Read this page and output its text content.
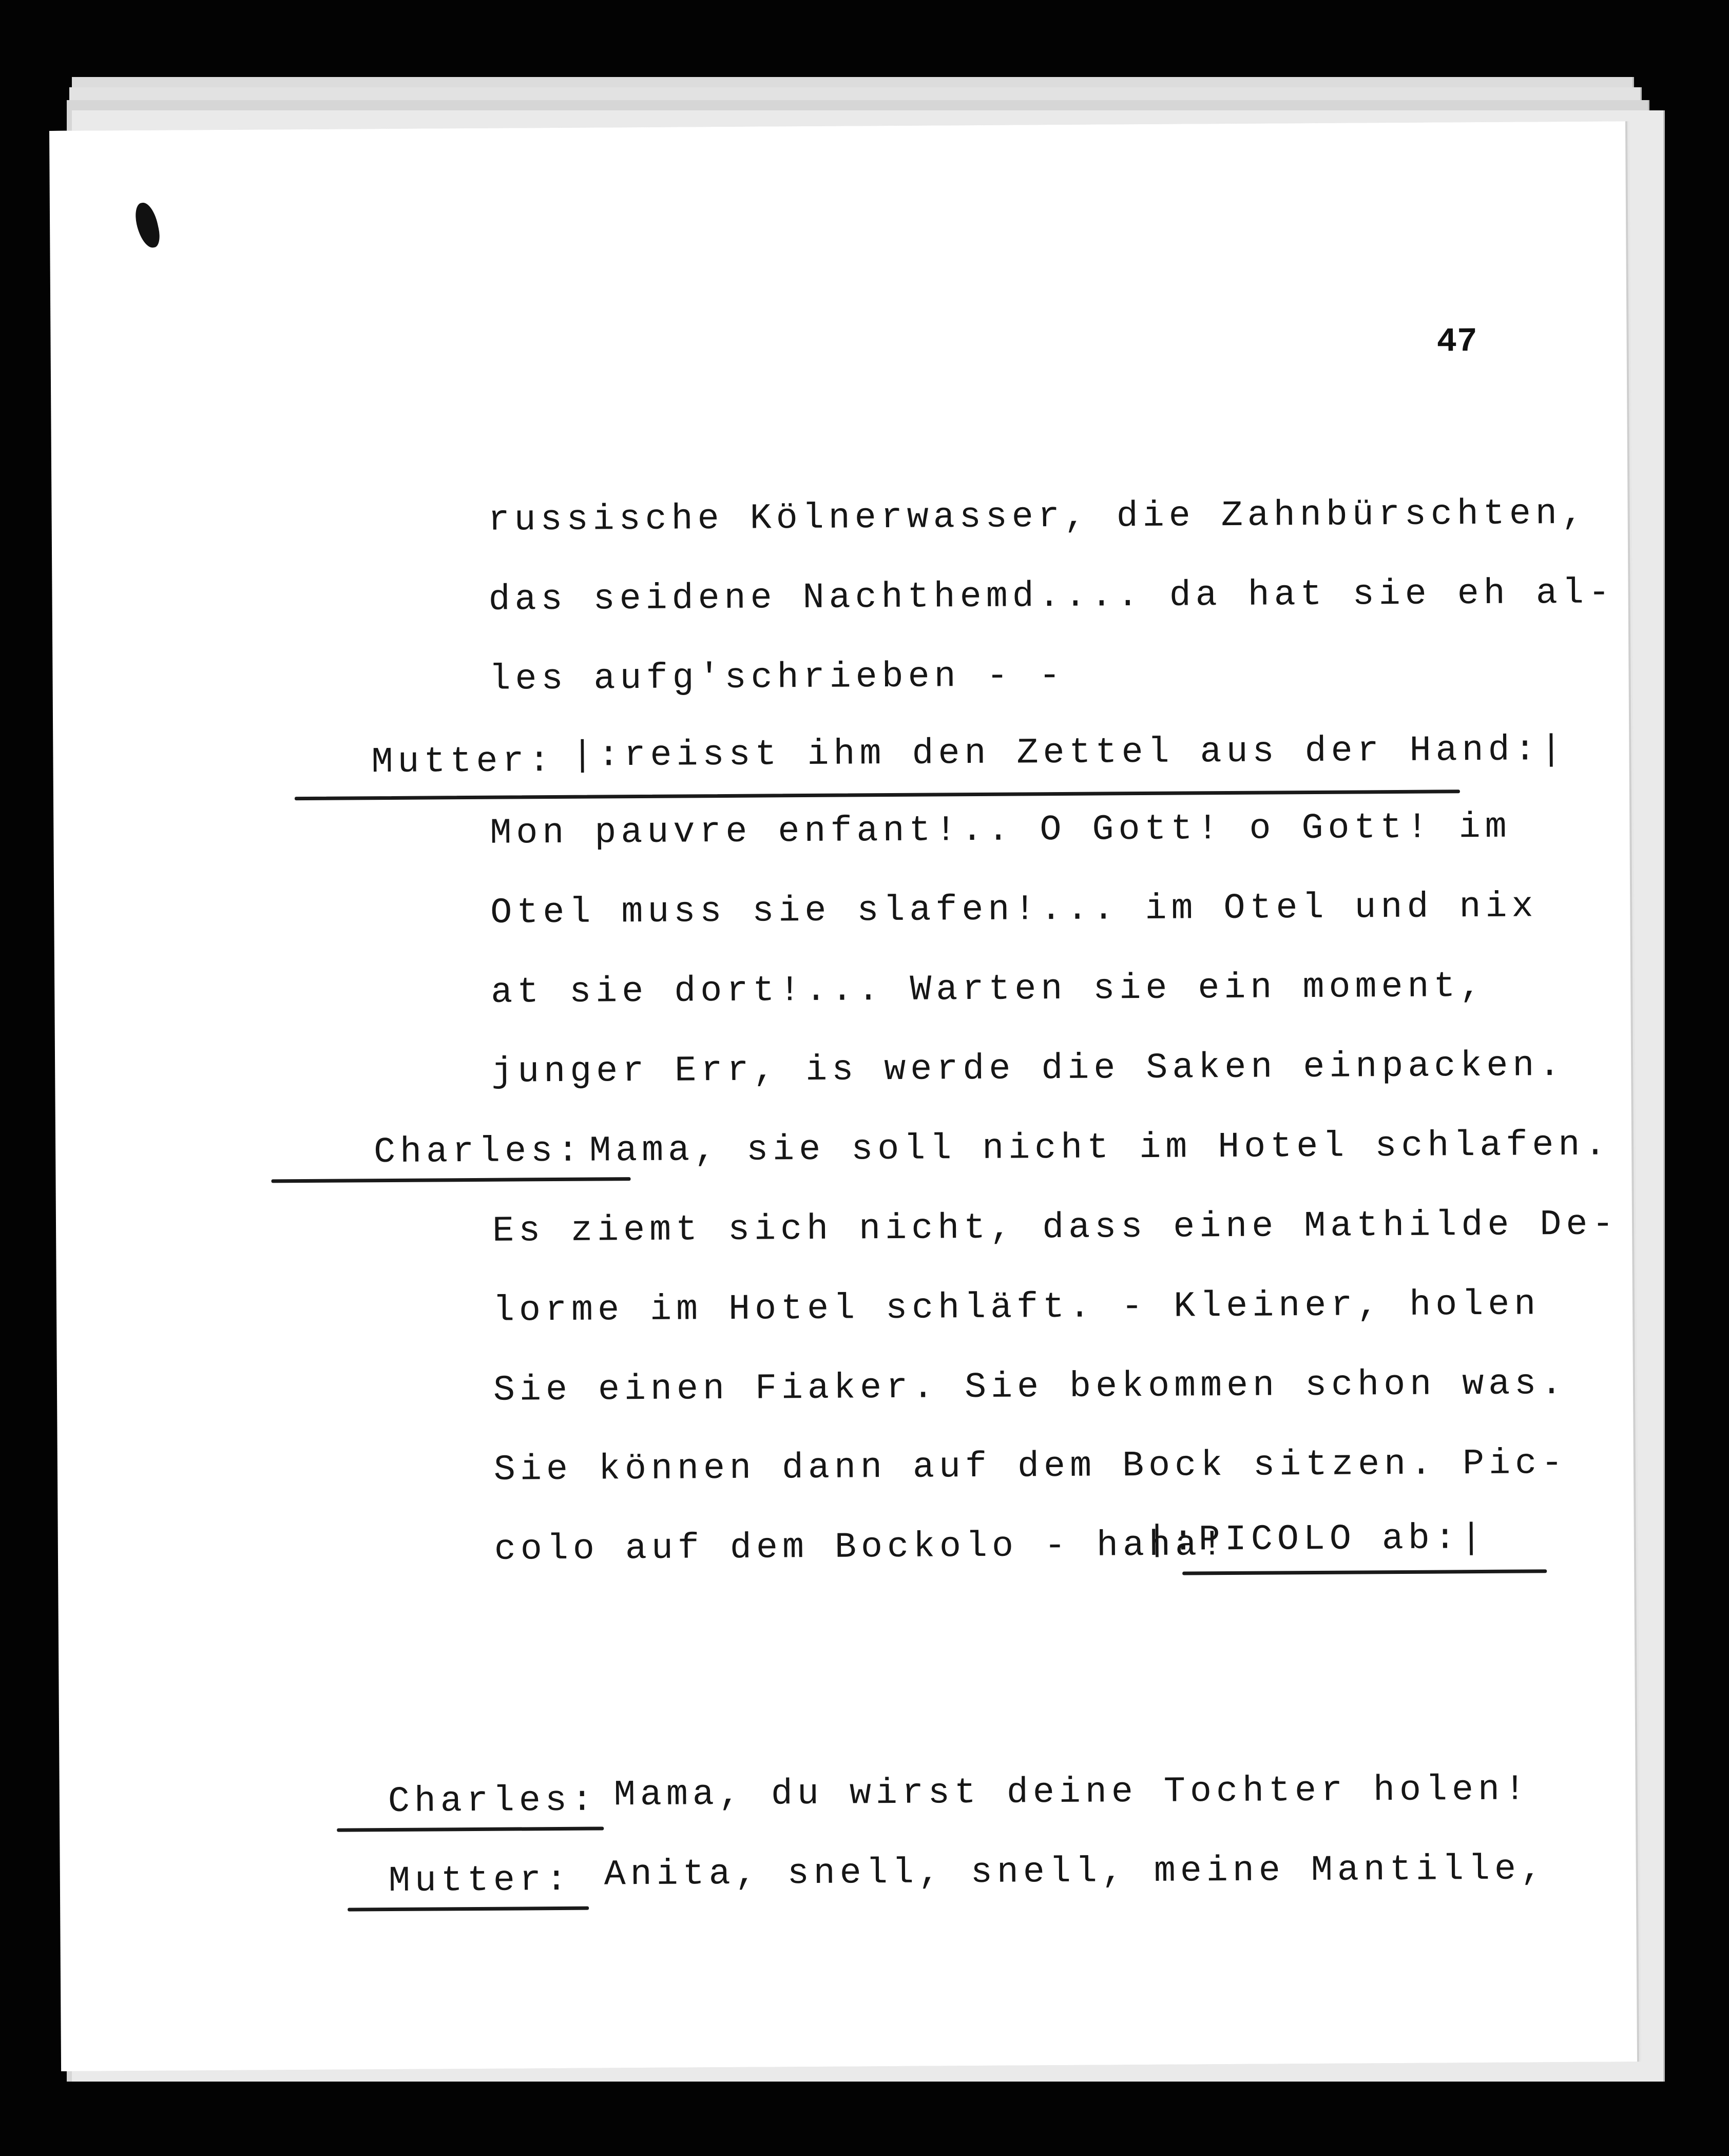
47
russische Kölnerwasser, die Zahnbürschten,
das seidene Nachthemd.... da hat sie eh al-
les aufg'schrieben - -
Mutter: |:reisst ihm den Zettel aus der Hand:|
Mon pauvre enfant!.. O Gott! o Gott! im
Otel muss sie slafen!... im Otel und nix
at sie dort!... Warten sie ein moment,
junger Err, is werde die Saken einpacken.
Charles: Mama, sie soll nicht im Hotel schlafen.
Es ziemt sich nicht, dass eine Mathilde De-
lorme im Hotel schläft. - Kleiner, holen
Sie einen Fiaker. Sie bekommen schon was.
Sie können dann auf dem Bock sitzen. Pic-
colo auf dem Bockolo - haha!
|:PICOLO ab:|
Charles: Mama, du wirst deine Tochter holen!
Mutter: Anita, snell, snell, meine Mantille,
